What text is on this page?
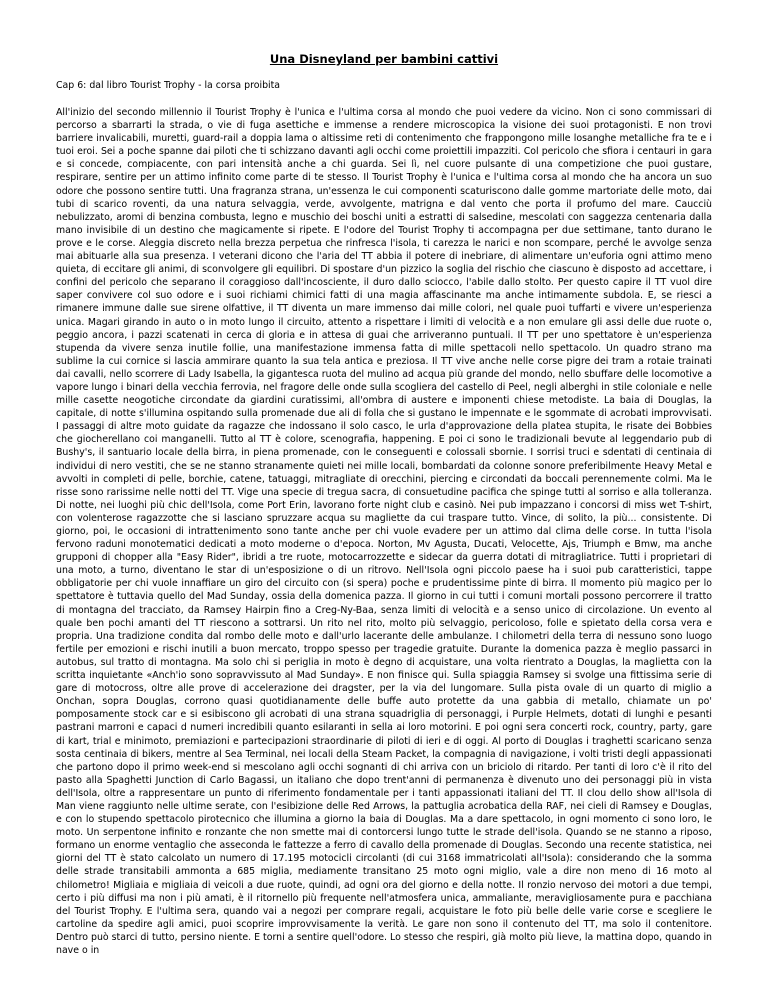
Una Disneyland per bambini cattivi

Cap 6: dal libro Tourist Trophy - la corsa proibita

All'inizio del secondo millennio il Tourist Trophy è l'unica e l'ultima corsa al mondo che puoi vedere da vicino. Non ci sono commissari di percorso a sbarrarti la strada, o vie di fuga asettiche e immense a rendere microscopica la visione dei suoi protagonisti. E non trovi barriere invalicabili, muretti, guard-rail a doppia lama o altissime reti di contenimento che frappongono mille losanghe metalliche fra te e i tuoi eroi. Sei a poche spanne dai piloti che ti schizzano davanti agli occhi come proiettili impazziti. Col pericolo che sfiora i centauri in gara e si concede, compiacente, con pari intensità anche a chi guarda. Sei lì, nel cuore pulsante di una competizione che puoi gustare, respirare, sentire per un attimo infinito come parte di te stesso. Il Tourist Trophy è l'unica e l'ultima corsa al mondo che ha ancora un suo odore che possono sentire tutti. Una fragranza strana, un'essenza le cui componenti scaturiscono dalle gomme martoriate delle moto, dai tubi di scarico roventi, da una natura selvaggia, verde, avvolgente, matrigna e dal vento che porta il profumo del mare. Caucciù nebulizzato, aromi di benzina combusta, legno e muschio dei boschi uniti a estratti di salsedine, mescolati con saggezza centenaria dalla mano invisibile di un destino che magicamente si ripete. E l'odore del Tourist Trophy ti accompagna per due settimane, tanto durano le prove e le corse. Aleggia discreto nella brezza perpetua che rinfresca l'isola, ti carezza le narici e non scompare, perché le avvolge senza mai abituarle alla sua presenza. I veterani dicono che l'aria del TT abbia il potere di inebriare, di alimentare un'euforia ogni attimo meno quieta, di eccitare gli animi, di sconvolgere gli equilibri. Di spostare d'un pizzico la soglia del rischio che ciascuno è disposto ad accettare, i confini del pericolo che separano il coraggioso dall'incosciente, il duro dallo sciocco, l'abile dallo stolto. Per questo capire il TT vuol dire saper convivere col suo odore e i suoi richiami chimici fatti di una magia affascinante ma anche intimamente subdola. E, se riesci a rimanere immune dalle sue sirene olfattive, il TT diventa un mare immenso dai mille colori, nel quale puoi tuffarti e vivere un'esperienza unica. Magari girando in auto o in moto lungo il circuito, attento a rispettare i limiti di velocità e a non emulare gli assi delle due ruote o, peggio ancora, i pazzi scatenati in cerca di gloria e in attesa di guai che arriveranno puntuali. Il TT per uno spettatore è un'esperienza stupenda da vivere senza inutile follie, una manifestazione immensa fatta di mille spettacoli nello spettacolo. Un quadro strano ma sublime la cui cornice si lascia ammirare quanto la sua tela antica e preziosa. Il TT vive anche nelle corse pigre dei tram a rotaie trainati dai cavalli, nello scorrere di Lady Isabella, la gigantesca ruota del mulino ad acqua più grande del mondo, nello sbuffare delle locomotive a vapore lungo i binari della vecchia ferrovia, nel fragore delle onde sulla scogliera del castello di Peel, negli alberghi in stile coloniale e nelle mille casette neogotiche circondate da giardini curatissimi, all'ombra di austere e imponenti chiese metodiste. La baia di Douglas, la capitale, di notte s'illumina ospitando sulla promenade due ali di folla che si gustano le impennate e le sgommate di acrobati improvvisati. I passaggi di altre moto guidate da ragazze che indossano il solo casco, le urla d'approvazione della platea stupita, le risate dei Bobbies che giocherellano coi manganelli. Tutto al TT è colore, scenografia, happening. E poi ci sono le tradizionali bevute al leggendario pub di Bushy's, il santuario locale della birra, in piena promenade, con le conseguenti e colossali sbornie. I sorrisi truci e sdentati di centinaia di individui di nero vestiti, che se ne stanno stranamente quieti nei mille locali, bombardati da colonne sonore preferibilmente Heavy Metal e avvolti in completi di pelle, borchie, catene, tatuaggi, mitragliate di orecchini, piercing e circondati da boccali perennemente colmi. Ma le risse sono rarissime nelle notti del TT. Vige una specie di tregua sacra, di consuetudine pacifica che spinge tutti al sorriso e alla tolleranza. Di notte, nei luoghi più chic dell'Isola, come Port Erin, lavorano forte night club e casinò. Nei pub impazzano i concorsi di miss wet T-shirt, con volenterose ragazzotte che si lasciano spruzzare acqua su magliette da cui traspare tutto. Vince, di solito, la più... consistente. Di giorno, poi, le occasioni di intrattenimento sono tante anche per chi vuole evadere per un attimo dal clima delle corse. In tutta l'isola fervono raduni monotematici dedicati a moto moderne o d'epoca. Norton, Mv Agusta, Ducati, Velocette, Ajs, Triumph e Bmw, ma anche grupponi di chopper alla "Easy Rider", ibridi a tre ruote, motocarrozzette e sidecar da guerra dotati di mitragliatrice. Tutti i proprietari di una moto, a turno, diventano le star di un'esposizione o di un ritrovo. Nell'Isola ogni piccolo paese ha i suoi pub caratteristici, tappe obbligatorie per chi vuole innaffiare un giro del circuito con (si spera) poche e prudentissime pinte di birra. Il momento più magico per lo spettatore è tuttavia quello del Mad Sunday, ossia della domenica pazza. Il giorno in cui tutti i comuni mortali possono percorrere il tratto di montagna del tracciato, da Ramsey Hairpin fino a Creg-Ny-Baa, senza limiti di velocità e a senso unico di circolazione. Un evento al quale ben pochi amanti del TT riescono a sottrarsi. Un rito nel rito, molto più selvaggio, pericoloso, folle e spietato della corsa vera e propria. Una tradizione condita dal rombo delle moto e dall'urlo lacerante delle ambulanze. I chilometri della terra di nessuno sono luogo fertile per emozioni e rischi inutili a buon mercato, troppo spesso per tragedie gratuite. Durante la domenica pazza è meglio passarci in autobus, sul tratto di montagna. Ma solo chi si periglia in moto è degno di acquistare, una volta rientrato a Douglas, la maglietta con la scritta inquietante «Anch'io sono sopravvissuto al Mad Sunday». E non finisce qui. Sulla spiaggia Ramsey si svolge una fittissima serie di gare di motocross, oltre alle prove di accelerazione dei dragster, per la via del lungomare. Sulla pista ovale di un quarto di miglio a Onchan, sopra Douglas, corrono quasi quotidianamente delle buffe auto protette da una gabbia di metallo, chiamate un po' pomposamente stock car e si esibiscono gli acrobati di una strana squadriglia di personaggi, i Purple Helmets, dotati di lunghi e pesanti pastrani marroni e capaci d numeri incredibili quanto esilaranti in sella ai loro motorini. E poi ogni sera concerti rock, country, party, gare di kart, trial e minimoto, premiazioni e partecipazioni straordinarie di piloti di ieri e di oggi. Al porto di Douglas i traghetti scaricano senza sosta centinaia di bikers, mentre al Sea Terminal, nei locali della Steam Packet, la compagnia di navigazione, i volti tristi degli appassionati che partono dopo il primo week-end si mescolano agli occhi sognanti di chi arriva con un briciolo di ritardo. Per tanti di loro c'è il rito del pasto alla Spaghetti Junction di Carlo Bagassi, un italiano che dopo trent'anni di permanenza è divenuto uno dei personaggi più in vista dell'Isola, oltre a rappresentare un punto di riferimento fondamentale per i tanti appassionati italiani del TT. Il clou dello show all'Isola di Man viene raggiunto nelle ultime serate, con l'esibizione delle Red Arrows, la pattuglia acrobatica della RAF, nei cieli di Ramsey e Douglas, e con lo stupendo spettacolo pirotecnico che illumina a giorno la baia di Douglas. Ma a dare spettacolo, in ogni momento ci sono loro, le moto. Un serpentone infinito e ronzante che non smette mai di contorcersi lungo tutte le strade dell'isola. Quando se ne stanno a riposo, formano un enorme ventaglio che asseconda le fattezze a ferro di cavallo della promenade di Douglas. Secondo una recente statistica, nei giorni del TT è stato calcolato un numero di 17.195 motocicli circolanti (di cui 3168 immatricolati all'Isola): considerando che la somma delle strade transitabili ammonta a 685 miglia, mediamente transitano 25 moto ogni miglio, vale a dire non meno di 16 moto al chilometro! Migliaia e migliaia di veicoli a due ruote, quindi, ad ogni ora del giorno e della notte. Il ronzio nervoso dei motori a due tempi, certo i più diffusi ma non i più amati, è il ritornello più frequente nell'atmosfera unica, ammaliante, meravigliosamente pura e pacchiana del Tourist Trophy. E l'ultima sera, quando vai a negozi per comprare regali, acquistare le foto più belle delle varie corse e scegliere le cartoline da spedire agli amici, puoi scoprire improvvisamente la verità. Le gare non sono il contenuto del TT, ma solo il contenitore. Dentro può starci di tutto, persino niente. E torni a sentire quell'odore. Lo stesso che respiri, già molto più lieve, la mattina dopo, quando in nave o in
